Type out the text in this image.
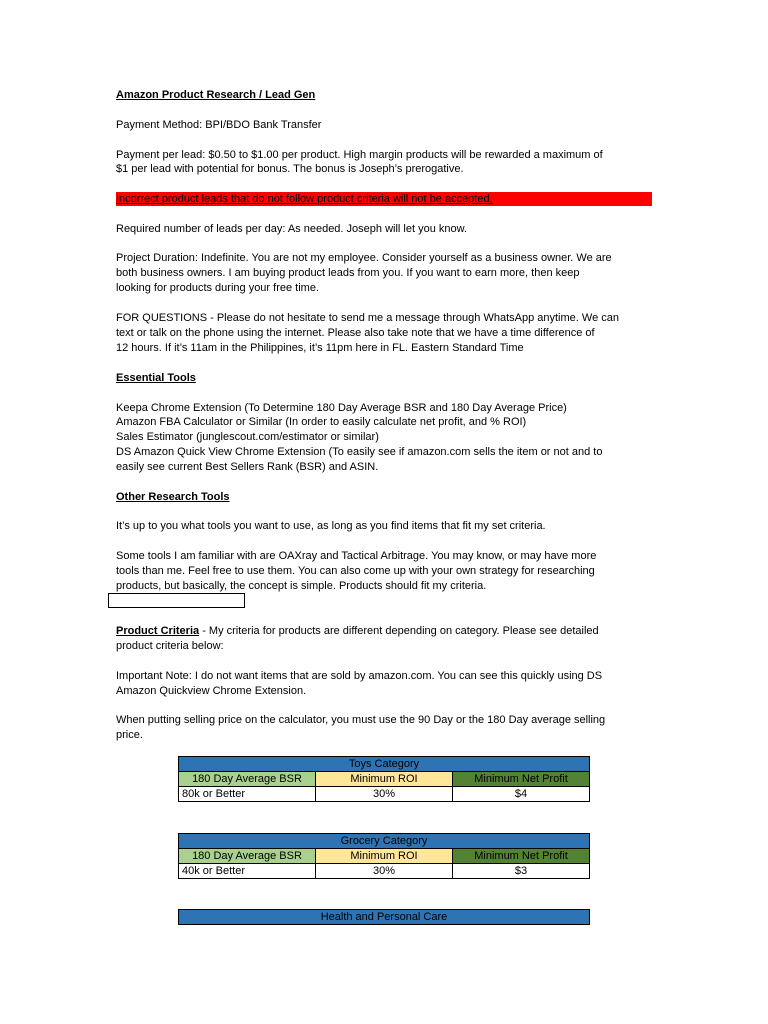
Amazon Product Research / Lead Gen
Payment Method: BPI/BDO Bank Transfer
Payment per lead: $0.50 to $1.00 per product. High margin products will be rewarded a maximum of
$1 per lead with potential for bonus. The bonus is Joseph’s prerogative.
Incorrect product leads that do not follow product criteria will not be accepted.
Required number of leads per day: As needed. Joseph will let you know.
Project Duration: Indefinite. You are not my employee. Consider yourself as a business owner. We are
both business owners. I am buying product leads from you. If you want to earn more, then keep
looking for products during your free time.
FOR QUESTIONS - Please do not hesitate to send me a message through WhatsApp anytime. We can
text or talk on the phone using the internet. Please also take note that we have a time difference of
12 hours. If it’s 11am in the Philippines, it’s 11pm here in FL. Eastern Standard Time
Essential Tools
Keepa Chrome Extension (To Determine 180 Day Average BSR and 180 Day Average Price)
Amazon FBA Calculator or Similar (In order to easily calculate net profit, and % ROI)
Sales Estimator (junglescout.com/estimator or similar)
DS Amazon Quick View Chrome Extension (To easily see if amazon.com sells the item or not and to
easily see current Best Sellers Rank (BSR) and ASIN.
Other Research Tools
It’s up to you what tools you want to use, as long as you find items that fit my set criteria.
Some tools I am familiar with are OAXray and Tactical Arbitrage. You may know, or may have more
tools than me. Feel free to use them. You can also come up with your own strategy for researching
products, but basically, the concept is simple. Products should fit my criteria.
Product Criteria - My criteria for products are different depending on category. Please see detailed
product criteria below:
Important Note: I do not want items that are sold by amazon.com. You can see this quickly using DS
Amazon Quickview Chrome Extension.
When putting selling price on the calculator, you must use the 90 Day or the 180 Day average selling
price.
Toys Category		
180 Day Average BSR	Minimum ROI	Minimum Net Profit
80k or Better	30%	$4
Grocery Category		
180 Day Average BSR	Minimum ROI	Minimum Net Profit
40k or Better	30%	$3
Health and Personal Care
